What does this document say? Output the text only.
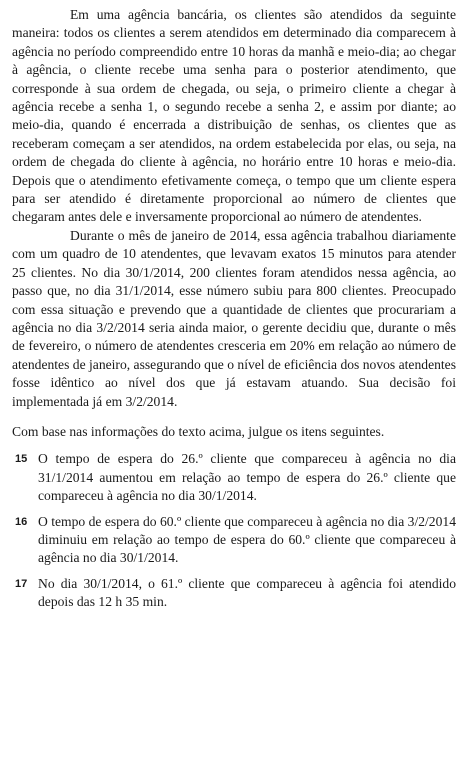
Em uma agência bancária, os clientes são atendidos da seguinte maneira: todos os clientes a serem atendidos em determinado dia comparecem à agência no período compreendido entre 10 horas da manhã e meio-dia; ao chegar à agência, o cliente recebe uma senha para o posterior atendimento, que corresponde à sua ordem de chegada, ou seja, o primeiro cliente a chegar à agência recebe a senha 1, o segundo recebe a senha 2, e assim por diante; ao meio-dia, quando é encerrada a distribuição de senhas, os clientes que as receberam começam a ser atendidos, na ordem estabelecida por elas, ou seja, na ordem de chegada do cliente à agência, no horário entre 10 horas e meio-dia. Depois que o atendimento efetivamente começa, o tempo que um cliente espera para ser atendido é diretamente proporcional ao número de clientes que chegaram antes dele e inversamente proporcional ao número de atendentes.

Durante o mês de janeiro de 2014, essa agência trabalhou diariamente com um quadro de 10 atendentes, que levavam exatos 15 minutos para atender 25 clientes. No dia 30/1/2014, 200 clientes foram atendidos nessa agência, ao passo que, no dia 31/1/2014, esse número subiu para 800 clientes. Preocupado com essa situação e prevendo que a quantidade de clientes que procurariam a agência no dia 3/2/2014 seria ainda maior, o gerente decidiu que, durante o mês de fevereiro, o número de atendentes cresceria em 20% em relação ao número de atendentes de janeiro, assegurando que o nível de eficiência dos novos atendentes fosse idêntico ao nível dos que já estavam atuando. Sua decisão foi implementada já em 3/2/2014.

Com base nas informações do texto acima, julgue os itens seguintes.

15 O tempo de espera do 26.º cliente que compareceu à agência no dia 31/1/2014 aumentou em relação ao tempo de espera do 26.º cliente que compareceu à agência no dia 30/1/2014.
16 O tempo de espera do 60.º cliente que compareceu à agência no dia 3/2/2014 diminuiu em relação ao tempo de espera do 60.º cliente que compareceu à agência no dia 30/1/2014.
17 No dia 30/1/2014, o 61.º cliente que compareceu à agência foi atendido depois das 12 h 35 min.
